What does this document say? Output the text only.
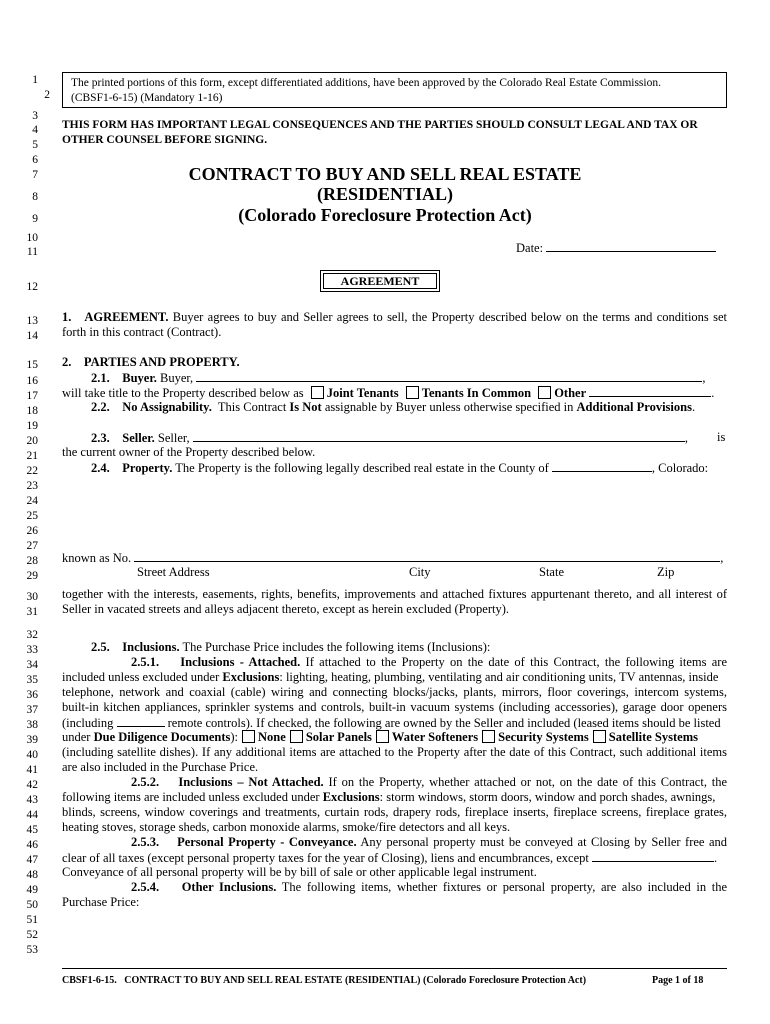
1
2
3
4
5
6
7
8
9
10
11
12
13
14
15
16
17
18
19
20
21
22
23
24
25
26
27
28
29
30
31
32
33
34
35
36
37
38
39
40
41
42
43
44
45
46
47
48
49
50
51
52
53
The printed portions of this form, except differentiated additions, have been approved by the Colorado Real Estate Commission.
(CBSF1-6-15) (Mandatory 1-16)
THIS FORM HAS IMPORTANT LEGAL CONSEQUENCES AND THE PARTIES SHOULD CONSULT LEGAL AND TAX OR
OTHER COUNSEL BEFORE SIGNING.
CONTRACT TO BUY AND SELL REAL ESTATE
(RESIDENTIAL)
(Colorado Foreclosure Protection Act)
Date:
AGREEMENT
1. AGREEMENT. Buyer agrees to buy and Seller agrees to sell, the Property described below on the terms and conditions set
forth in this contract (Contract).
2.    PARTIES AND PROPERTY.
2.1. Buyer. Buyer,	,
will take title to the Property described below as Joint Tenants Tenants In Common Other	.
2.2. No Assignability. This Contract Is Not assignable by Buyer unless otherwise specified in Additional Provisions.
2.3. Seller. Seller,	, is
the current owner of the Property described below.
2.4. Property. The Property is the following legally described real estate in the County of	, Colorado:
known as No.	,
Street Address	City	State	Zip
together with the interests, easements, rights, benefits, improvements and attached fixtures appurtenant thereto, and all interest of
Seller in vacated streets and alleys adjacent thereto, except as herein excluded (Property).
2.5. Inclusions. The Purchase Price includes the following items (Inclusions):
2.5.1. Inclusions - Attached. If attached to the Property on the date of this Contract, the following items are
included unless excluded under Exclusions: lighting, heating, plumbing, ventilating and air conditioning units, TV antennas, inside
telephone, network and coaxial (cable) wiring and connecting blocks/jacks, plants, mirrors, floor coverings, intercom systems,
built-in kitchen appliances, sprinkler systems and controls, built-in vacuum systems (including accessories), garage door openers
(including	remote controls). If checked, the following are owned by the Seller and included (leased items should be listed
under Due Diligence Documents): None Solar Panels Water Softeners Security Systems Satellite Systems
(including satellite dishes). If any additional items are attached to the Property after the date of this Contract, such additional items
are also included in the Purchase Price.
2.5.2. Inclusions – Not Attached. If on the Property, whether attached or not, on the date of this Contract, the
following items are included unless excluded under Exclusions: storm windows, storm doors, window and porch shades, awnings,
blinds, screens, window coverings and treatments, curtain rods, drapery rods, fireplace inserts, fireplace screens, fireplace grates,
heating stoves, storage sheds, carbon monoxide alarms, smoke/fire detectors and all keys.
2.5.3. Personal Property - Conveyance. Any personal property must be conveyed at Closing by Seller free and
clear of all taxes (except personal property taxes for the year of Closing), liens and encumbrances, except	.
Conveyance of all personal property will be by bill of sale or other applicable legal instrument.
2.5.4. Other Inclusions. The following items, whether fixtures or personal property, are also included in the
Purchase Price:
CBSF1-6-15.   CONTRACT TO BUY AND SELL REAL ESTATE (RESIDENTIAL) (Colorado Foreclosure Protection Act)	Page 1 of 18
